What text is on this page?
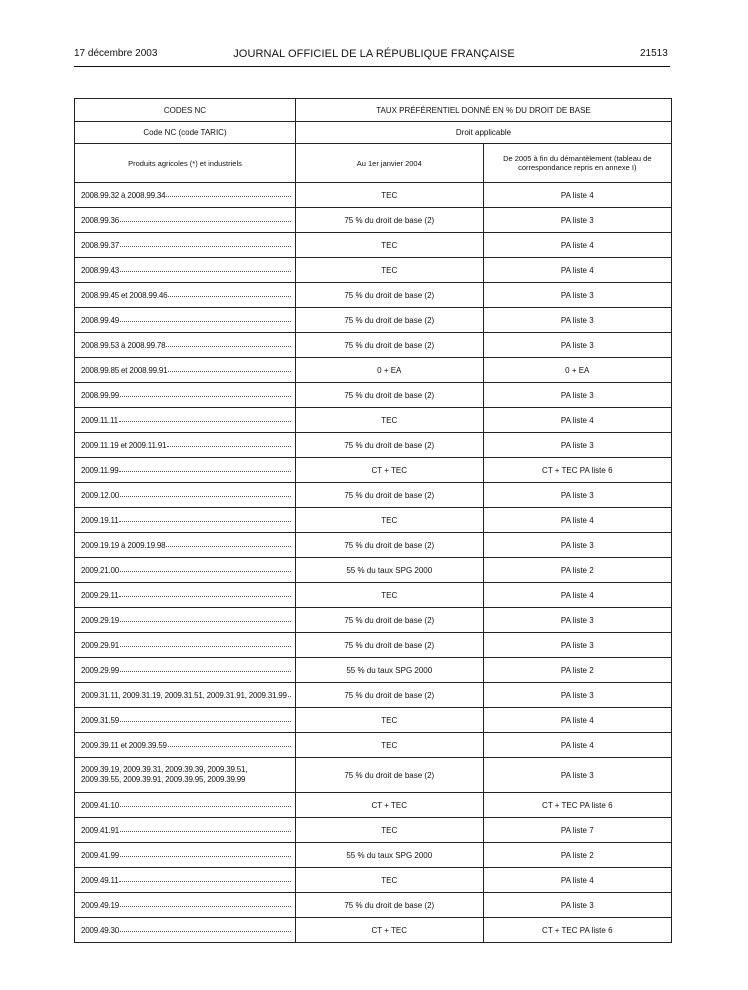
17 décembre 2003	JOURNAL OFFICIEL DE LA RÉPUBLIQUE FRANÇAISE	21513
CODES NC	TAUX PRÉFÉRENTIEL DONNÉ EN % DU DROIT DE BASE	
Code NC (code TARIC)	Droit applicable	
Produits agricoles (*) et industriels	Au 1er janvier 2004	De 2005 à fin du démantèlement (tableau de correspondance repris en annexe I)

2008.99.32 à 2008.99.34	TEC	PA liste 4

2008.99.36	75 % du droit de base (2)	PA liste 3

2008.99.37	TEC	PA liste 4

2008.99.43	TEC	PA liste 4

2008.99.45 et 2008.99.46	75 % du droit de base (2)	PA liste 3

2008.99.49	75 % du droit de base (2)	PA liste 3

2008.99.53 à 2008.99.78	75 % du droit de base (2)	PA liste 3

2008.99.85 et 2008.99.91	0 + EA	0 + EA

2008.99.99	75 % du droit de base (2)	PA liste 3

2009.11.11	TEC	PA liste 4

2009.11.19 et 2009.11.91	75 % du droit de base (2)	PA liste 3

2009.11.99	CT + TEC	CT + TEC PA liste 6

2009.12.00	75 % du droit de base (2)	PA liste 3

2009.19.11	TEC	PA liste 4

2009.19.19 à 2009.19.98	75 % du droit de base (2)	PA liste 3

2009.21.00	55 % du taux SPG 2000	PA liste 2

2009.29.11	TEC	PA liste 4

2009.29.19	75 % du droit de base (2)	PA liste 3

2009.29.91	75 % du droit de base (2)	PA liste 3

2009.29.99	55 % du taux SPG 2000	PA liste 2

2009.31.11, 2009.31.19, 2009.31.51, 2009.31.91, 2009.31.99	75 % du droit de base (2)	PA liste 3

2009.31.59	TEC	PA liste 4

2009.39.11 et 2009.39.59	TEC	PA liste 4

2009.39.19, 2009.39.31, 2009.39.39, 2009.39.51, 2009.39.55, 2009.39.91, 2009.39.95, 2009.39.99	75 % du droit de base (2)	PA liste 3

2009.41.10	CT + TEC	CT + TEC PA liste 6

2009.41.91	TEC	PA liste 7

2009.41.99	55 % du taux SPG 2000	PA liste 2

2009.49.11	TEC	PA liste 4

2009.49.19	75 % du droit de base (2)	PA liste 3

2009.49.30	CT + TEC	CT + TEC PA liste 6
